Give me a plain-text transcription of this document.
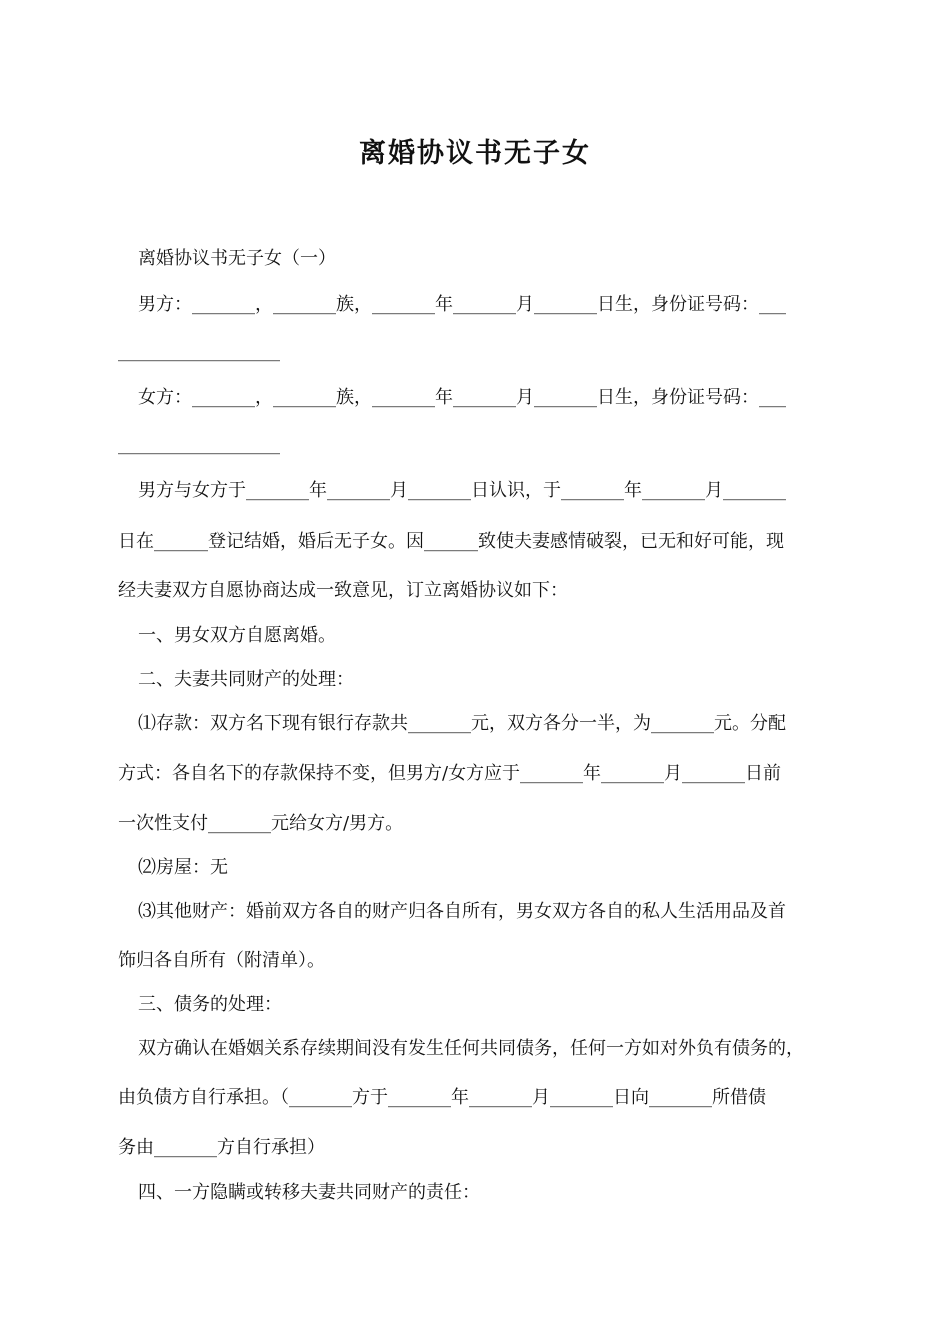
离婚协议书无子女

离婚协议书无子女（一）

男方：_______，_______族，_______年_______月_______日生，身份证号码：___

__________________

女方：_______，_______族，_______年_______月_______日生，身份证号码：___

__________________

男方与女方于_______年_______月_______日认识，于_______年_______月_______

日在______登记结婚，婚后无子女。因______致使夫妻感情破裂，已无和好可能，现

经夫妻双方自愿协商达成一致意见，订立离婚协议如下：

一、男女双方自愿离婚。

二、夫妻共同财产的处理：

⑴存款：双方名下现有银行存款共_______元，双方各分一半，为_______元。分配

方式：各自名下的存款保持不变，但男方/女方应于_______年_______月_______日前

一次性支付_______元给女方/男方。

⑵房屋：无

⑶其他财产：婚前双方各自的财产归各自所有，男女双方各自的私人生活用品及首

饰归各自所有（附清单）。

三、债务的处理：

双方确认在婚姻关系存续期间没有发生任何共同债务，任何一方如对外负有债务的，

由负债方自行承担。（_______方于_______年_______月_______日向_______所借债

务由_______方自行承担）

四、一方隐瞒或转移夫妻共同财产的责任：
